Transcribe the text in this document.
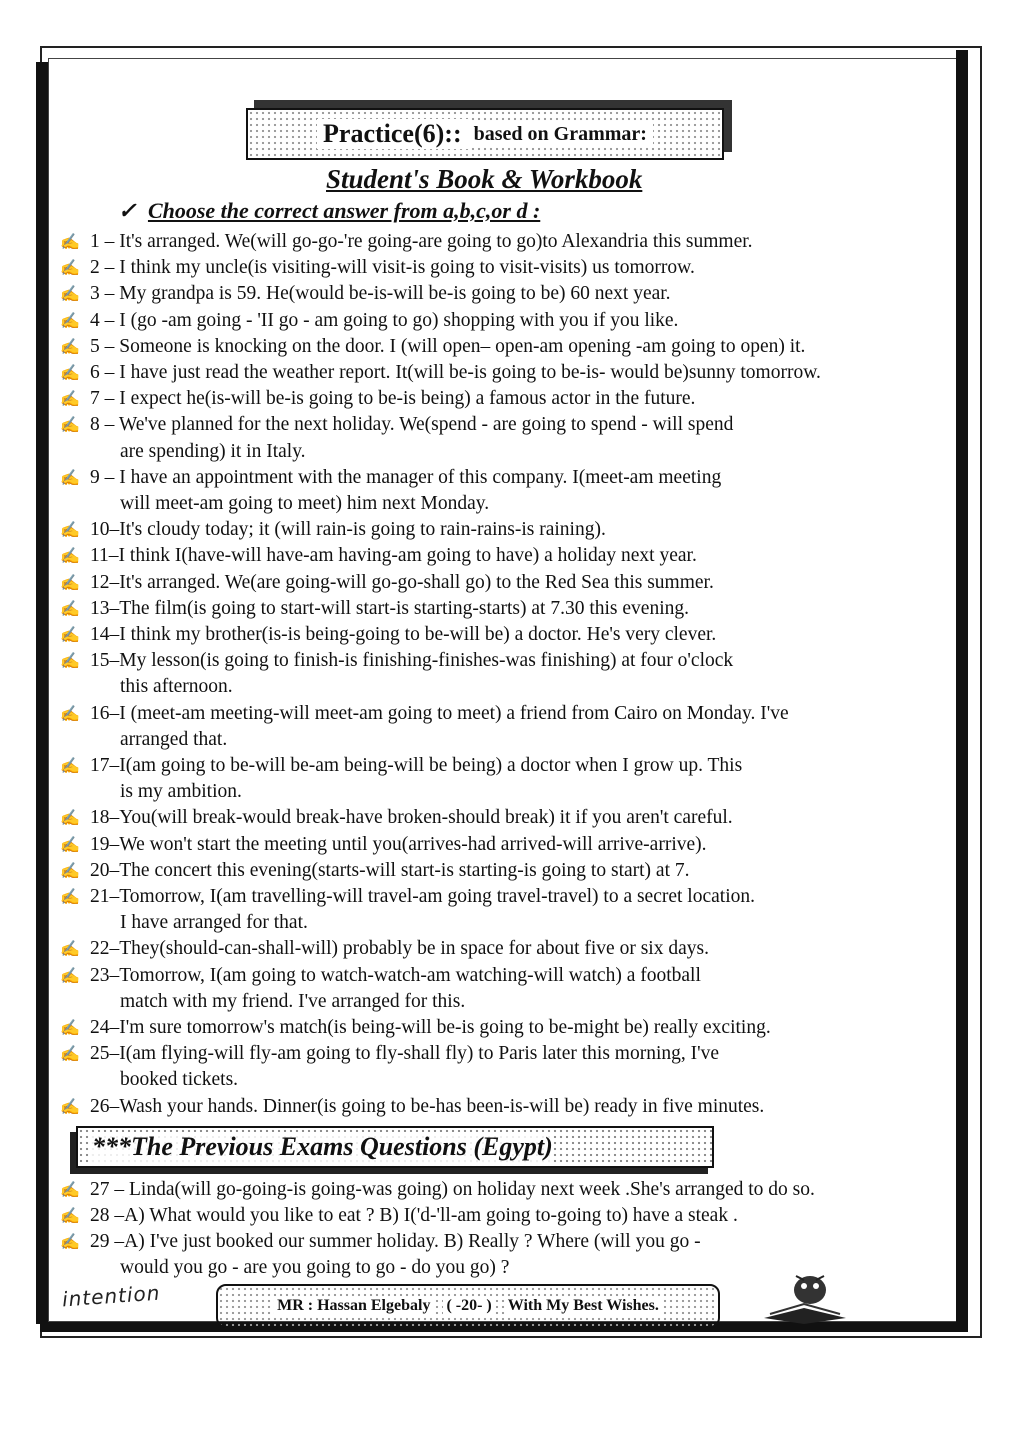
Practice(6):: based on Grammar:
Student's Book & Workbook
✓ Choose the correct answer from a,b,c,or d :
✍ 1 – It's arranged. We(will go-go-'re going-are going to go)to Alexandria this summer.
✍ 2 – I think my uncle(is visiting-will visit-is going to visit-visits) us tomorrow.
✍ 3 – My grandpa is 59. He(would be-is-will be-is going to be) 60 next year.
✍ 4 – I (go -am going - 'II go - am going to go) shopping with you if you like.
✍ 5 – Someone is knocking on the door. I (will open– open-am opening -am going to open) it.
✍ 6 – I have just read the weather report. It(will be-is going to be-is- would be)sunny tomorrow.
✍ 7 – I expect he(is-will be-is going to be-is being) a famous actor in the future.
✍ 8 – We've planned for the next holiday. We(spend - are going to spend - will spend
are spending) it in Italy.
✍ 9 – I have an appointment with the manager of this company. I(meet-am meeting
will meet-am going to meet) him next Monday.
✍ 10–It's cloudy today; it (will rain-is going to rain-rains-is raining).
✍ 11–I think I(have-will have-am having-am going to have) a holiday next year.
✍ 12–It's arranged. We(are going-will go-go-shall go) to the Red Sea this summer.
✍ 13–The film(is going to start-will start-is starting-starts) at 7.30 this evening.
✍ 14–I think my brother(is-is being-going to be-will be) a doctor. He's very clever.
✍ 15–My lesson(is going to finish-is finishing-finishes-was finishing) at four o'clock
this afternoon.
✍ 16–I (meet-am meeting-will meet-am going to meet) a friend from Cairo on Monday. I've
arranged that.
✍ 17–I(am going to be-will be-am being-will be being) a doctor when I grow up. This
is my ambition.
✍ 18–You(will break-would break-have broken-should break) it if you aren't careful.
✍ 19–We won't start the meeting until you(arrives-had arrived-will arrive-arrive).
✍ 20–The concert this evening(starts-will start-is starting-is going to start) at 7.
✍ 21–Tomorrow, I(am travelling-will travel-am going travel-travel) to a secret location.
I have arranged for that.
✍ 22–They(should-can-shall-will) probably be in space for about five or six days.
✍ 23–Tomorrow, I(am going to watch-watch-am watching-will watch) a football
match with my friend. I've arranged for this.
✍ 24–I'm sure tomorrow's match(is being-will be-is going to be-might be) really exciting.
✍ 25–I(am flying-will fly-am going to fly-shall fly) to Paris later this morning, I've
booked tickets.
✍ 26–Wash your hands. Dinner(is going to be-has been-is-will be) ready in five minutes.
***The Previous Exams Questions (Egypt)
✍ 27 – Linda(will go-going-is going-was going) on holiday next week .She's arranged to do so.
✍ 28 –A) What would you like to eat ? B) I('d-'ll-am going to-going to) have a steak .
✍ 29 –A) I've just booked our summer holiday. B) Really ? Where (will you go -
would you go - are you going to go - do you go) ?
intention	MR : Hassan Elgebaly ( -20- ) With My Best Wishes.
